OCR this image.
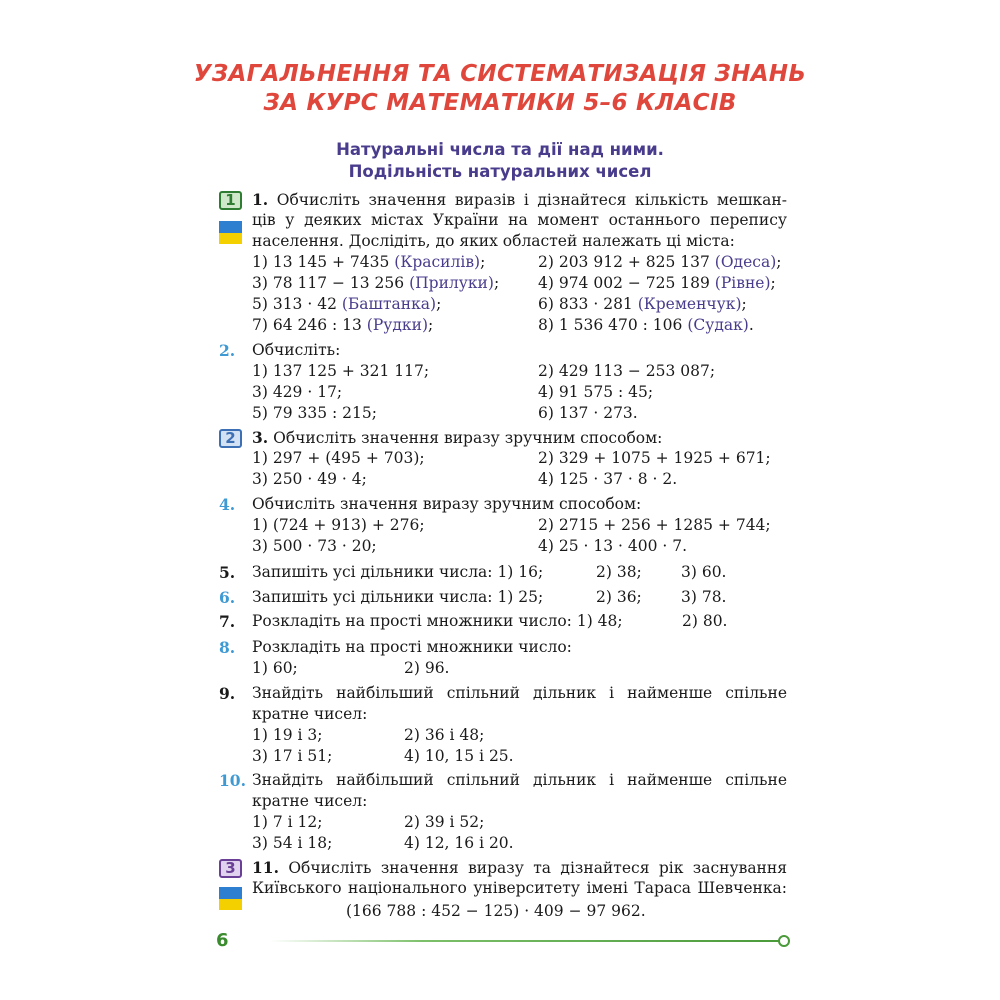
УЗАГАЛЬНЕННЯ ТА СИСТЕМАТИЗАЦІЯ ЗНАНЬ
ЗА КУРС МАТЕМАТИКИ 5–6 КЛАСІВ
Натуральні числа та дії над ними.
Подільність натуральних чисел
1
2
3
1. Обчисліть значення виразів і дізнайтеся кількість мешкан-
ців у деяких містах України на момент останнього перепису
населення. Дослідіть, до яких областей належать ці міста:
1) 13 145 + 7435 (Красилів);	2) 203 912 + 825 137 (Одеса);
3) 78 117 − 13 256 (Прилуки);	4) 974 002 − 725 189 (Рівне);
5) 313 · 42 (Баштанка);	6) 833 · 281 (Кременчук);
7) 64 246 : 13 (Рудки);	8) 1 536 470 : 106 (Судак).
2. Обчисліть:
1) 137 125 + 321 117;	2) 429 113 − 253 087;
3) 429 · 17;	4) 91 575 : 45;
5) 79 335 : 215;	6) 137 · 273.
3. Обчисліть значення виразу зручним способом:
1) 297 + (495 + 703);	2) 329 + 1075 + 1925 + 671;
3) 250 · 49 · 4;	4) 125 · 37 · 8 · 2.
4. Обчисліть значення виразу зручним способом:
1) (724 + 913) + 276;	2) 2715 + 256 + 1285 + 744;
3) 500 · 73 · 20;	4) 25 · 13 · 400 · 7.
5. Запишіть усі дільники числа: 1) 16;	2) 38;	3) 60.
6. Запишіть усі дільники числа: 1) 25;	2) 36;	3) 78.
7. Розкладіть на прості множники число: 1) 48;	2) 80.
8. Розкладіть на прості множники число:
1) 60;	2) 96.
9. Знайдіть найбільший спільний дільник і найменше спільне
кратне чисел:
1) 19 і 3;	2) 36 і 48;
3) 17 і 51;	4) 10, 15 і 25.
10. Знайдіть найбільший спільний дільник і найменше спільне
кратне чисел:
1) 7 і 12;	2) 39 і 52;
3) 54 і 18;	4) 12, 16 і 20.
11. Обчисліть значення виразу та дізнайтеся рік заснування
Київського національного університету імені Тараса Шевченка:
(166 788 : 452 − 125) · 409 − 97 962.
6
